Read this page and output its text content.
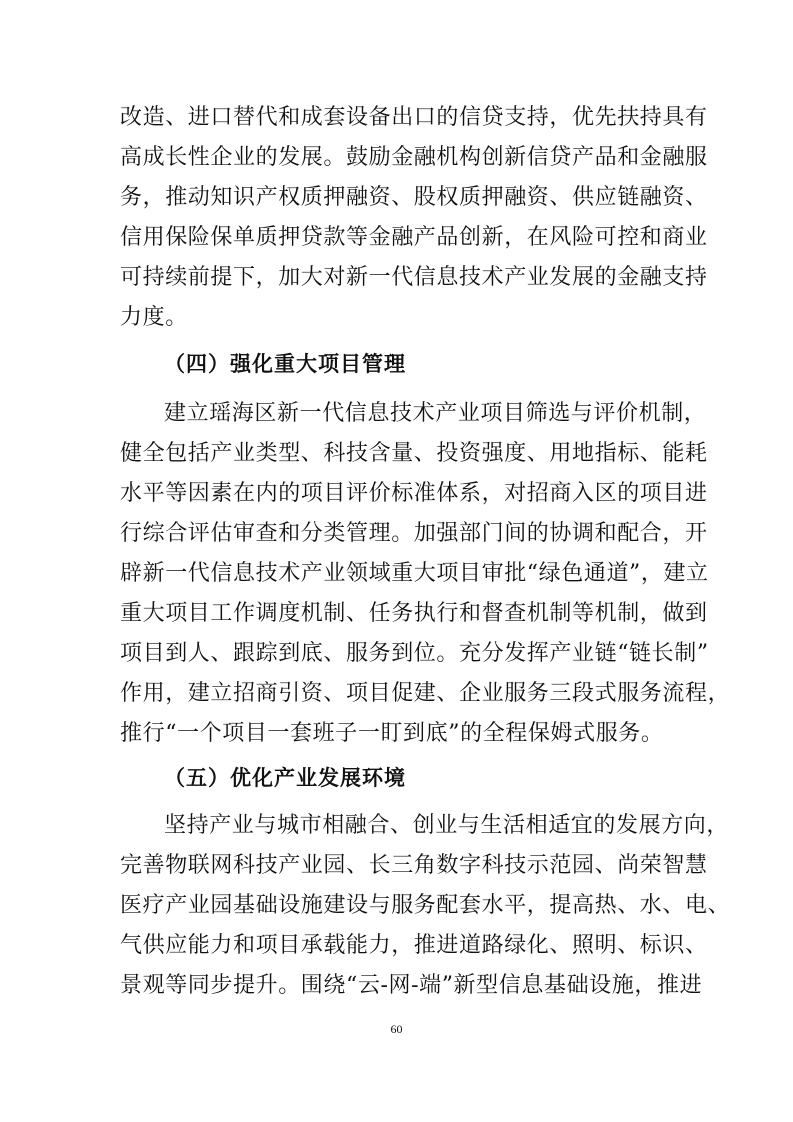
改造、进口替代和成套设备出口的信贷支持，优先扶持具有
高成长性企业的发展。鼓励金融机构创新信贷产品和金融服
务，推动知识产权质押融资、股权质押融资、供应链融资、
信用保险保单质押贷款等金融产品创新，在风险可控和商业
可持续前提下，加大对新一代信息技术产业发展的金融支持
力度。
（四）强化重大项目管理
建立瑶海区新一代信息技术产业项目筛选与评价机制，
健全包括产业类型、科技含量、投资强度、用地指标、能耗
水平等因素在内的项目评价标准体系，对招商入区的项目进
行综合评估审查和分类管理。加强部门间的协调和配合，开
辟新一代信息技术产业领域重大项目审批“绿色通道”，建立
重大项目工作调度机制、任务执行和督查机制等机制，做到
项目到人、跟踪到底、服务到位。充分发挥产业链“链长制”
作用，建立招商引资、项目促建、企业服务三段式服务流程，
推行“一个项目一套班子一盯到底”的全程保姆式服务。
（五）优化产业发展环境
坚持产业与城市相融合、创业与生活相适宜的发展方向，
完善物联网科技产业园、长三角数字科技示范园、尚荣智慧
医疗产业园基础设施建设与服务配套水平，提高热、水、电、
气供应能力和项目承载能力，推进道路绿化、照明、标识、
景观等同步提升。围绕“云-网-端”新型信息基础设施，推进
60
